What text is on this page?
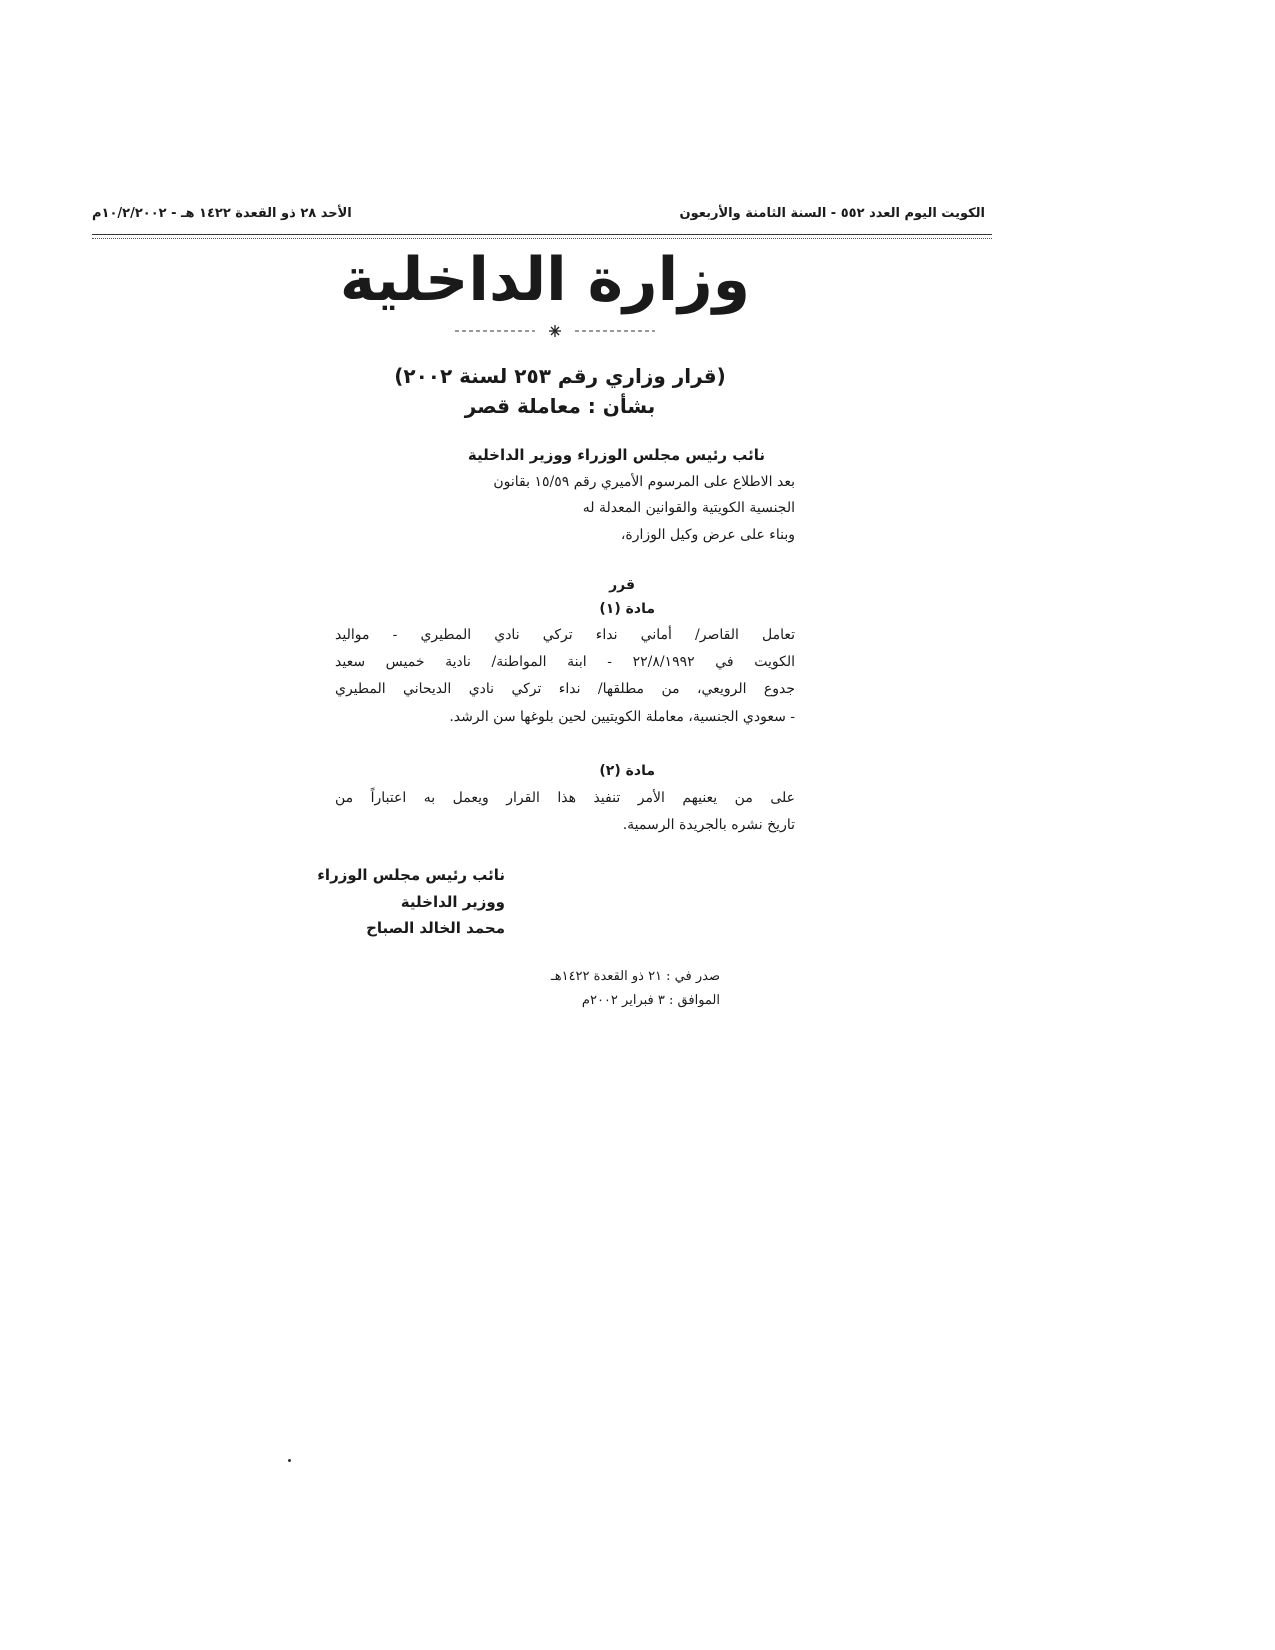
الكويت اليوم العدد ٥٥٢ - السنة الثامنة والأربعون
الأحد ٢٨ ذو القعدة ١٤٢٢ هـ - ١٠/٢/٢٠٠٢م
وزارة الداخلية
(قرار وزاري رقم ٢٥٣ لسنة ٢٠٠٢)
بشأن : معاملة قصر
نائب رئيس مجلس الوزراء ووزير الداخلية
بعد الاطلاع على المرسوم الأميري رقم ١٥/٥٩ بقانون
الجنسية الكويتية والقوانين المعدلة له
وبناء على عرض وكيل الوزارة،
قرر
مادة (١)
تعامل القاصر/ أماني نداء تركي نادي المطيري - مواليد
الكويت في ٢٢/٨/١٩٩٢ - ابنة المواطنة/ نادية خميس سعيد
جدوع الرويعي، من مطلقها/ نداء تركي نادي الديحاني المطيري
- سعودي الجنسية، معاملة الكويتيين لحين بلوغها سن الرشد.
مادة (٢)
على من يعنيهم الأمر تنفيذ هذا القرار ويعمل به اعتباراً من
تاريخ نشره بالجريدة الرسمية.
نائب رئيس مجلس الوزراء
ووزير الداخلية
محمد الخالد الصباح
صدر في : ٢١ ذو القعدة ١٤٢٢هـ
الموافق : ٣ فبراير ٢٠٠٢م
